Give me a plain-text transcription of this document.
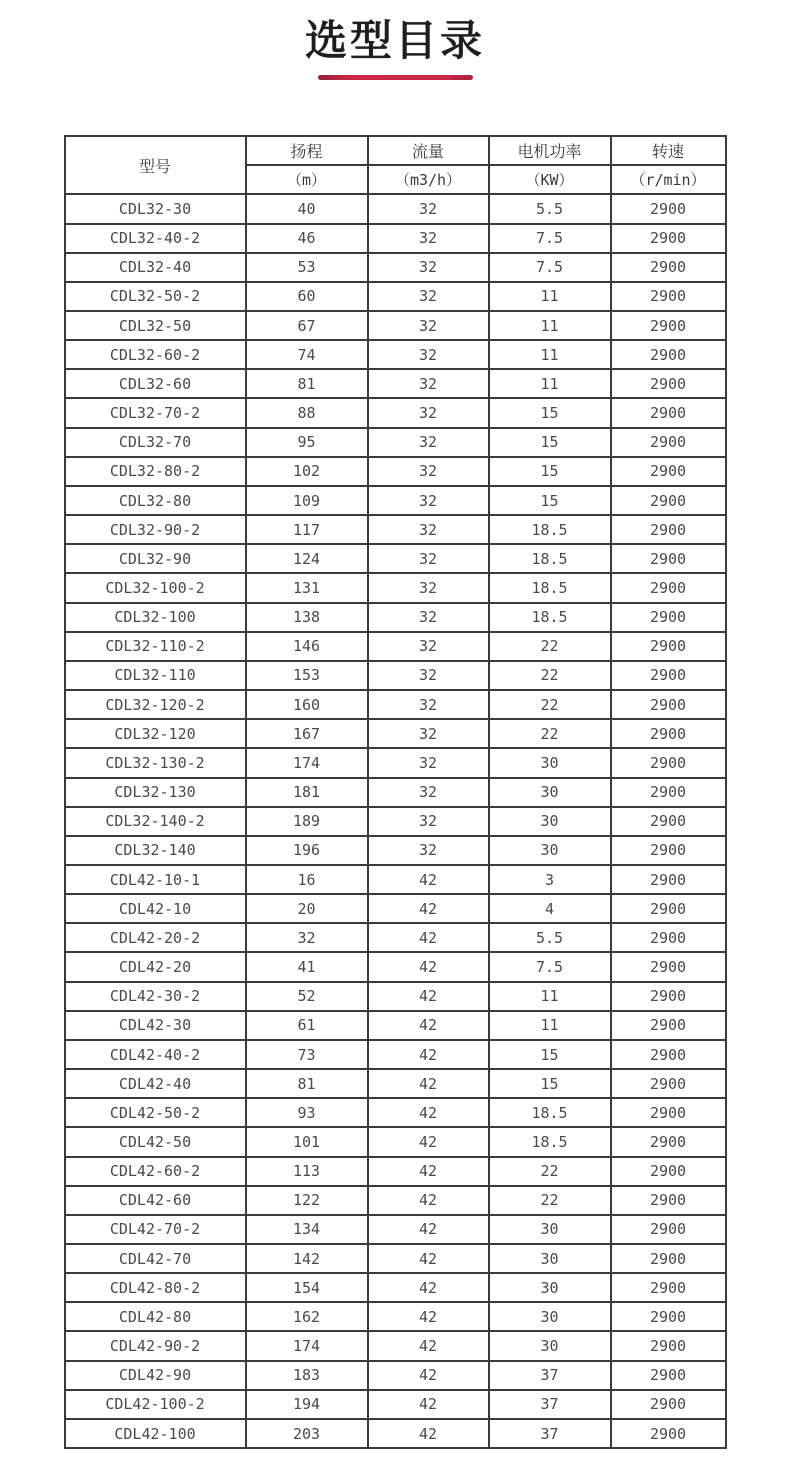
选型目录
型号	扬程	流量	电机功率	转速
	（m）	（m3/h）	（KW）	（r/min）
CDL32-30	40	32	5.5	2900
CDL32-40-2	46	32	7.5	2900
CDL32-40	53	32	7.5	2900
CDL32-50-2	60	32	11	2900
CDL32-50	67	32	11	2900
CDL32-60-2	74	32	11	2900
CDL32-60	81	32	11	2900
CDL32-70-2	88	32	15	2900
CDL32-70	95	32	15	2900
CDL32-80-2	102	32	15	2900
CDL32-80	109	32	15	2900
CDL32-90-2	117	32	18.5	2900
CDL32-90	124	32	18.5	2900
CDL32-100-2	131	32	18.5	2900
CDL32-100	138	32	18.5	2900
CDL32-110-2	146	32	22	2900
CDL32-110	153	32	22	2900
CDL32-120-2	160	32	22	2900
CDL32-120	167	32	22	2900
CDL32-130-2	174	32	30	2900
CDL32-130	181	32	30	2900
CDL32-140-2	189	32	30	2900
CDL32-140	196	32	30	2900
CDL42-10-1	16	42	3	2900
CDL42-10	20	42	4	2900
CDL42-20-2	32	42	5.5	2900
CDL42-20	41	42	7.5	2900
CDL42-30-2	52	42	11	2900
CDL42-30	61	42	11	2900
CDL42-40-2	73	42	15	2900
CDL42-40	81	42	15	2900
CDL42-50-2	93	42	18.5	2900
CDL42-50	101	42	18.5	2900
CDL42-60-2	113	42	22	2900
CDL42-60	122	42	22	2900
CDL42-70-2	134	42	30	2900
CDL42-70	142	42	30	2900
CDL42-80-2	154	42	30	2900
CDL42-80	162	42	30	2900
CDL42-90-2	174	42	30	2900
CDL42-90	183	42	37	2900
CDL42-100-2	194	42	37	2900
CDL42-100	203	42	37	2900
